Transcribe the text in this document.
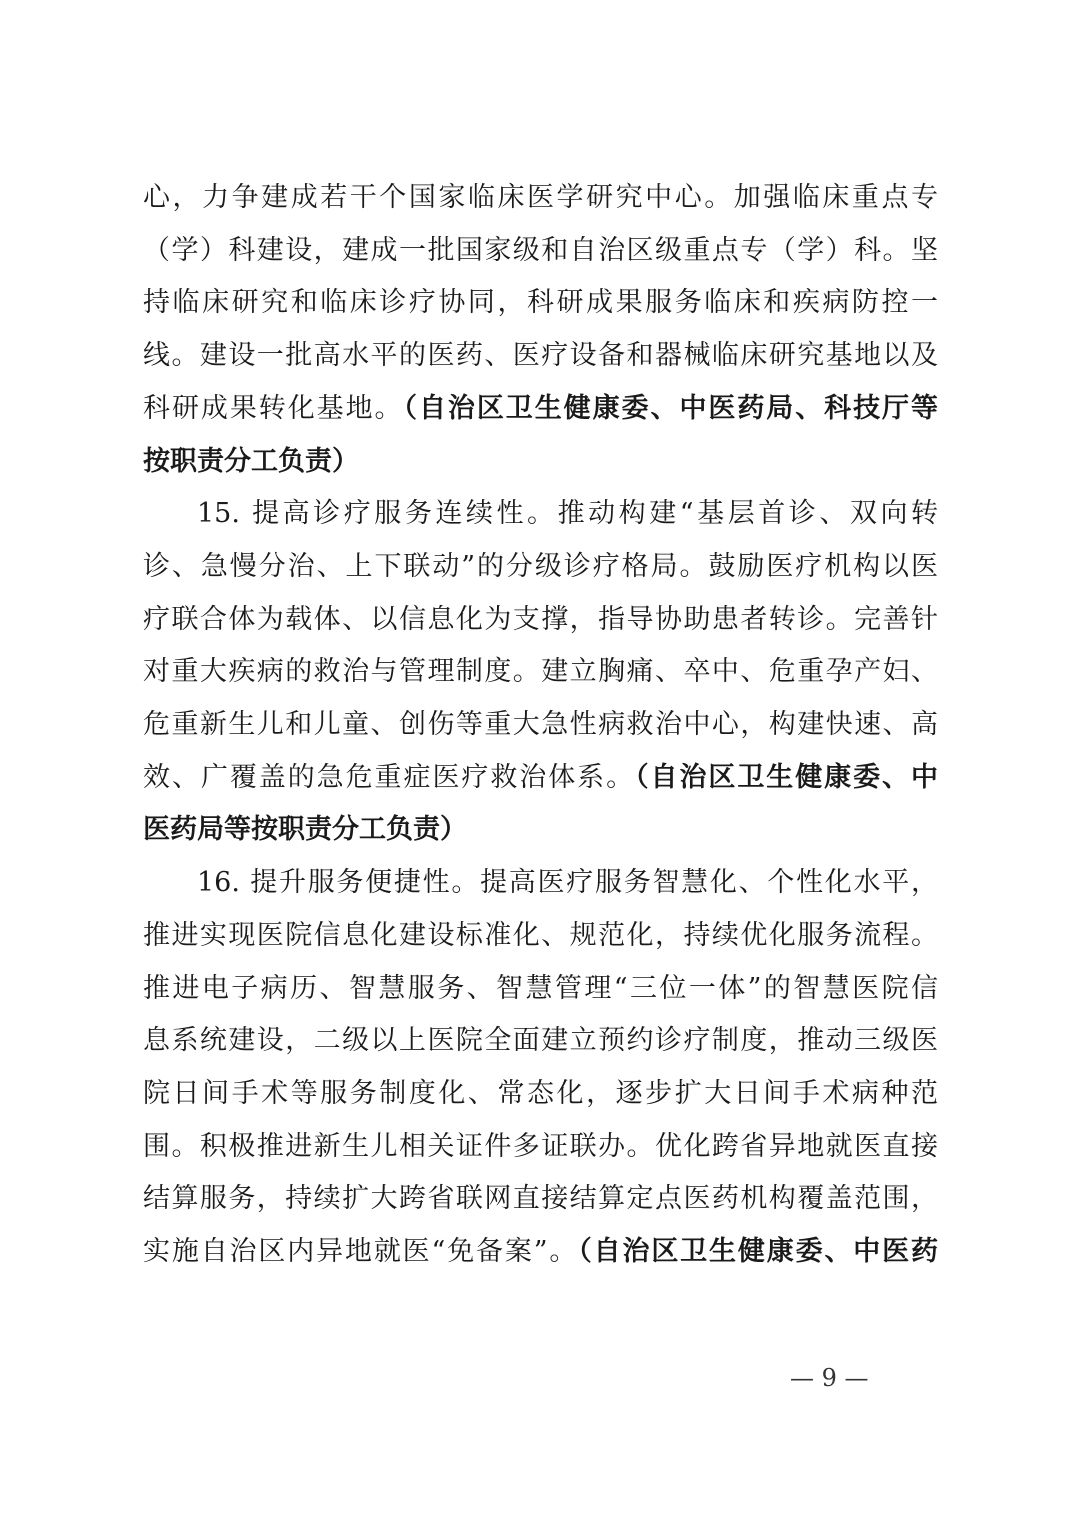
心，力争建成若干个国家临床医学研究中心。加强临床重点专
（学）科建设，建成一批国家级和自治区级重点专（学）科。坚
持临床研究和临床诊疗协同，科研成果服务临床和疾病防控一
线。建设一批高水平的医药、医疗设备和器械临床研究基地以及
科研成果转化基地。（自治区卫生健康委、中医药局、科技厅等
按职责分工负责）
15. 提高诊疗服务连续性。推动构建“基层首诊、双向转
诊、急慢分治、上下联动”的分级诊疗格局。鼓励医疗机构以医
疗联合体为载体、以信息化为支撑，指导协助患者转诊。完善针
对重大疾病的救治与管理制度。建立胸痛、卒中、危重孕产妇、
危重新生儿和儿童、创伤等重大急性病救治中心，构建快速、高
效、广覆盖的急危重症医疗救治体系。（自治区卫生健康委、中
医药局等按职责分工负责）
16. 提升服务便捷性。提高医疗服务智慧化、个性化水平，
推进实现医院信息化建设标准化、规范化，持续优化服务流程。
推进电子病历、智慧服务、智慧管理“三位一体”的智慧医院信
息系统建设，二级以上医院全面建立预约诊疗制度，推动三级医
院日间手术等服务制度化、常态化，逐步扩大日间手术病种范
围。积极推进新生儿相关证件多证联办。优化跨省异地就医直接
结算服务，持续扩大跨省联网直接结算定点医药机构覆盖范围，
实施自治区内异地就医“免备案”。（自治区卫生健康委、中医药
— 9 —
